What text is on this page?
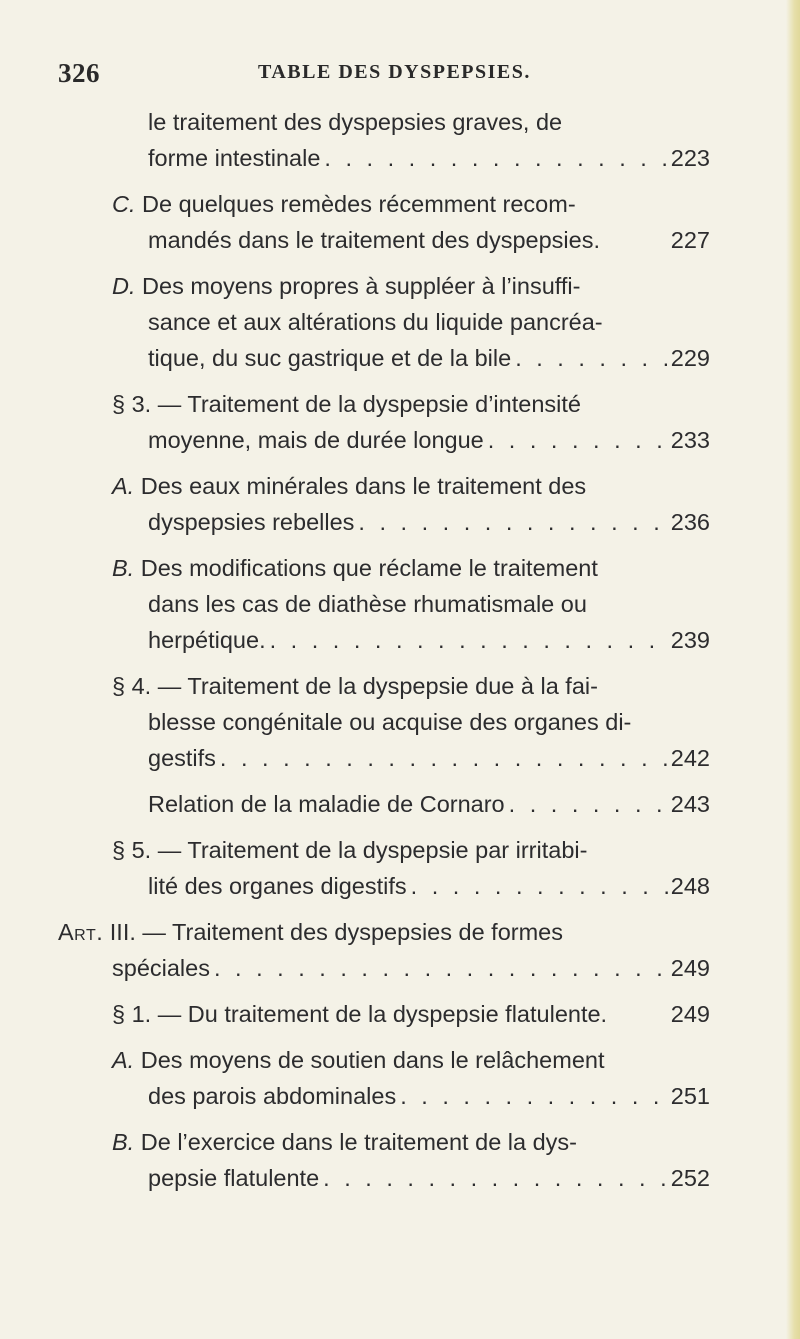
326	TABLE DES DYSPEPSIES.
le traitement des dyspepsies graves, de
forme intestinale . . .	223
C. De quelques remèdes récemment recom-
mandés dans le traitement des dyspepsies.	227
D. Des moyens propres à suppléer à l’insuffi-
sance et aux altérations du liquide pancréa-
tique, du suc gastrique et de la bile . . .	229
§ 3. — Traitement de la dyspepsie d’intensité
moyenne, mais de durée longue . . .	233
A. Des eaux minérales dans le traitement des
dyspepsies rebelles . . .	236
B. Des modifications que réclame le traitement
dans les cas de diathèse rhumatismale ou
herpétique. . . .	239
§ 4. — Traitement de la dyspepsie due à la fai-
blesse congénitale ou acquise des organes di-
gestifs . . .	242
Relation de la maladie de Cornaro . . .	243
§ 5. — Traitement de la dyspepsie par irritabi-
lité des organes digestifs . . .	248
Art. III. — Traitement des dyspepsies de formes
spéciales . . .	249
§ 1. — Du traitement de la dyspepsie flatulente.	249
A. Des moyens de soutien dans le relâchement
des parois abdominales . . .	251
B. De l’exercice dans le traitement de la dys-
pepsie flatulente . . .	252
